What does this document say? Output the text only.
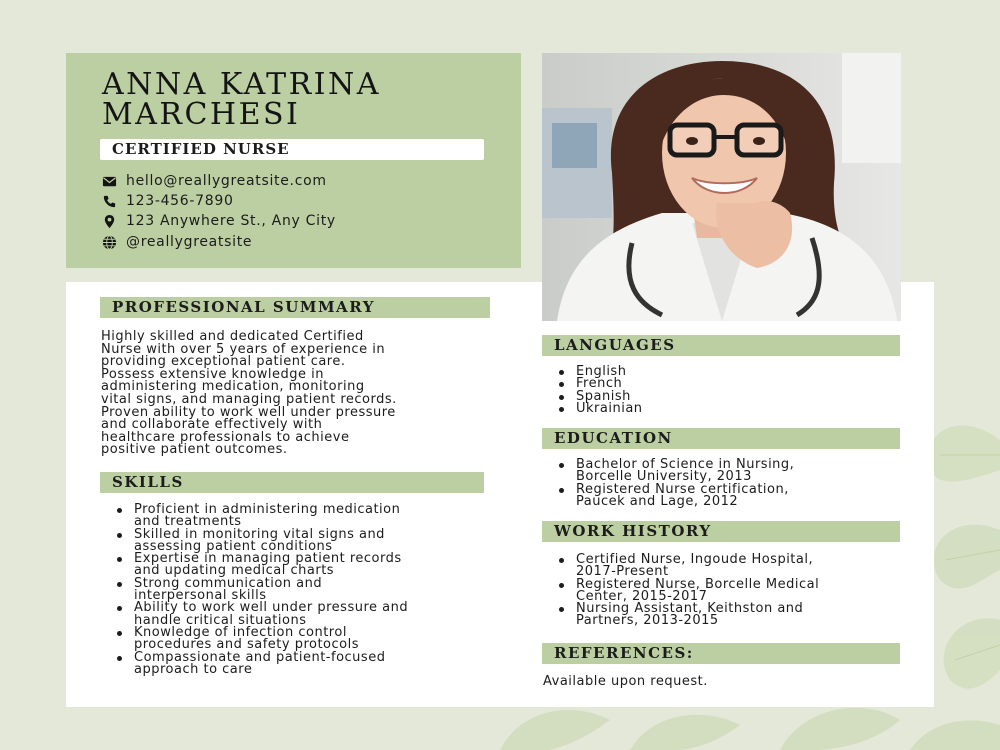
ANNA KATRINA
MARCHESI
CERTIFIED NURSE
hello@reallygreatsite.com
123-456-7890
123 Anywhere St., Any City
@reallygreatsite
PROFESSIONAL SUMMARY
Highly skilled and dedicated Certified
Nurse with over 5 years of experience in
providing exceptional patient care.
Possess extensive knowledge in
administering medication, monitoring
vital signs, and managing patient records.
Proven ability to work well under pressure
and collaborate effectively with
healthcare professionals to achieve
positive patient outcomes.
SKILLS
Proficient in administering medication
and treatments
Skilled in monitoring vital signs and
assessing patient conditions
Expertise in managing patient records
and updating medical charts
Strong communication and
interpersonal skills
Ability to work well under pressure and
handle critical situations
Knowledge of infection control
procedures and safety protocols
Compassionate and patient-focused
approach to care
LANGUAGES
English
French
Spanish
Ukrainian
EDUCATION
Bachelor of Science in Nursing,
Borcelle University, 2013
Registered Nurse certification,
Paucek and Lage, 2012
WORK HISTORY
Certified Nurse, Ingoude Hospital,
2017-Present
Registered Nurse, Borcelle Medical
Center, 2015-2017
Nursing Assistant, Keithston and
Partners, 2013-2015
REFERENCES:
Available upon request.
